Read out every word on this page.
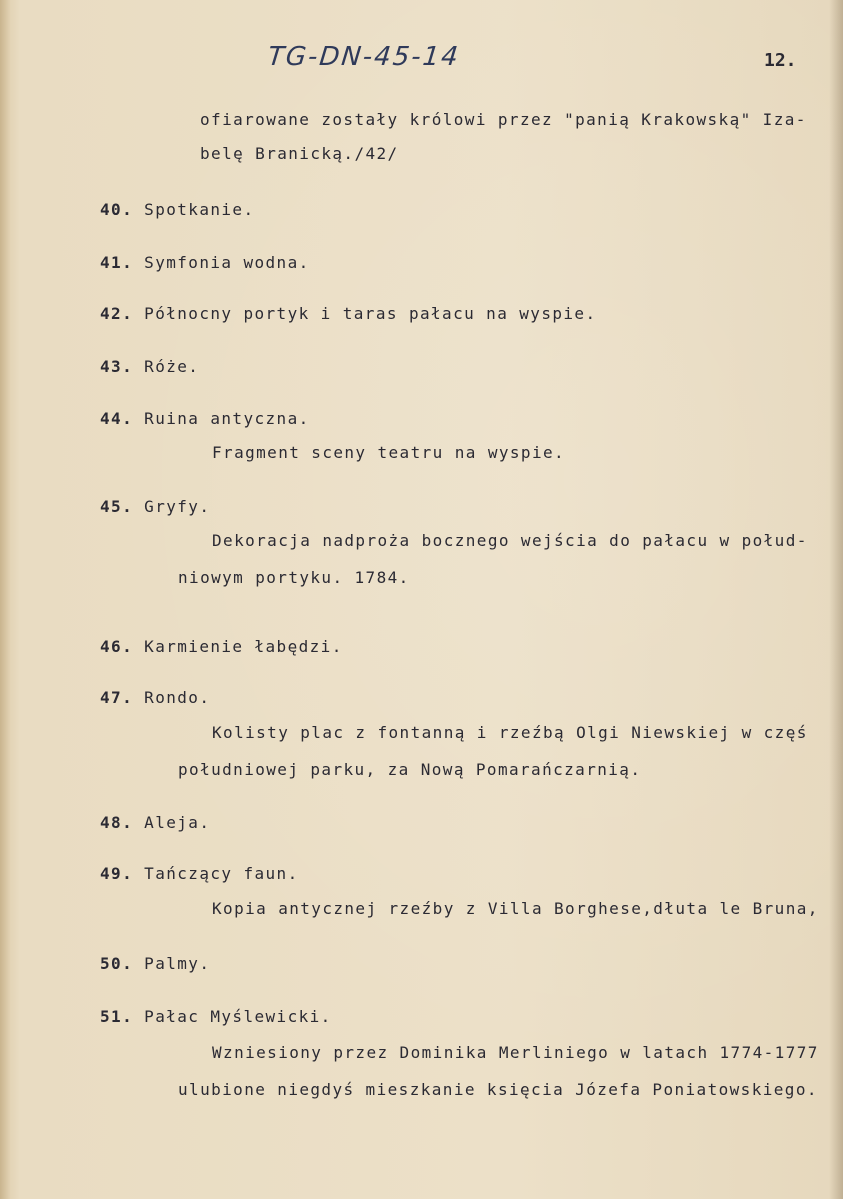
TG-DN-45-14	12.
ofiarowane zostały królowi przez "panią Krakowską" Iza-
belę Branicką./42/
40. Spotkanie.
41. Symfonia wodna.
42. Północny portyk i taras pałacu na wyspie.
43. Róże.
44. Ruina antyczna.
Fragment sceny teatru na wyspie.
45. Gryfy.
Dekoracja nadproża bocznego wejścia do pałacu w połud-
niowym portyku. 1784.
46. Karmienie łabędzi.
47. Rondo.
Kolisty plac z fontanną i rzeźbą Olgi Niewskiej w częś
południowej parku, za Nową Pomarańczarnią.
48. Aleja.
49. Tańczący faun.
Kopia antycznej rzeźby z Villa Borghese,dłuta le Bruna,
50. Palmy.
51. Pałac Myślewicki.
Wzniesiony przez Dominika Merliniego w latach 1774-1777
ulubione niegdyś mieszkanie księcia Józefa Poniatowskiego.
